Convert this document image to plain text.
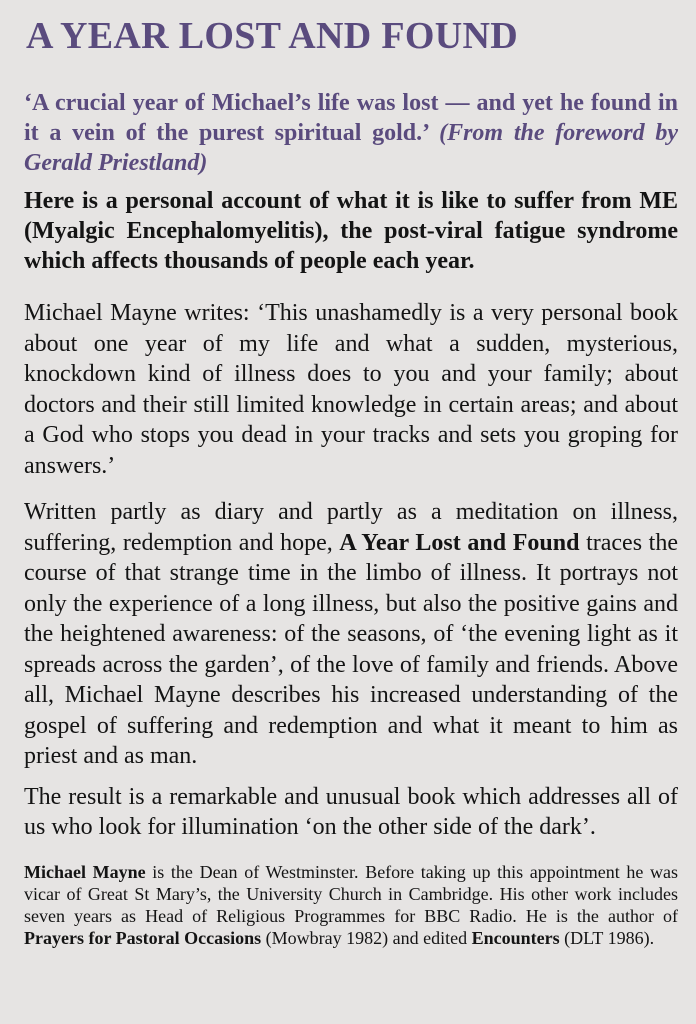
A YEAR LOST AND FOUND

‘A crucial year of Michael’s life was lost — and yet he found in it a vein of the purest spiritual gold.’ (From the foreword by Gerald Priestland)

Here is a personal account of what it is like to suffer from ME (Myalgic Encephalomyelitis), the post-viral fatigue syndrome which affects thousands of people each year.

Michael Mayne writes: ‘This unashamedly is a very personal book about one year of my life and what a sudden, mysterious, knockdown kind of illness does to you and your family; about doctors and their still limited knowledge in certain areas; and about a God who stops you dead in your tracks and sets you groping for answers.’

Written partly as diary and partly as a meditation on illness, suffering, redemption and hope, A Year Lost and Found traces the course of that strange time in the limbo of illness. It portrays not only the experience of a long illness, but also the positive gains and the heightened awareness: of the seasons, of ‘the evening light as it spreads across the garden’, of the love of family and friends. Above all, Michael Mayne describes his increased understanding of the gospel of suffering and redemption and what it meant to him as priest and as man.

The result is a remarkable and unusual book which addresses all of us who look for illumination ‘on the other side of the dark’.

Michael Mayne is the Dean of Westminster. Before taking up this appointment he was vicar of Great St Mary’s, the University Church in Cambridge. His other work includes seven years as Head of Religious Programmes for BBC Radio. He is the author of Prayers for Pastoral Occasions (Mowbray 1982) and edited Encounters (DLT 1986).
